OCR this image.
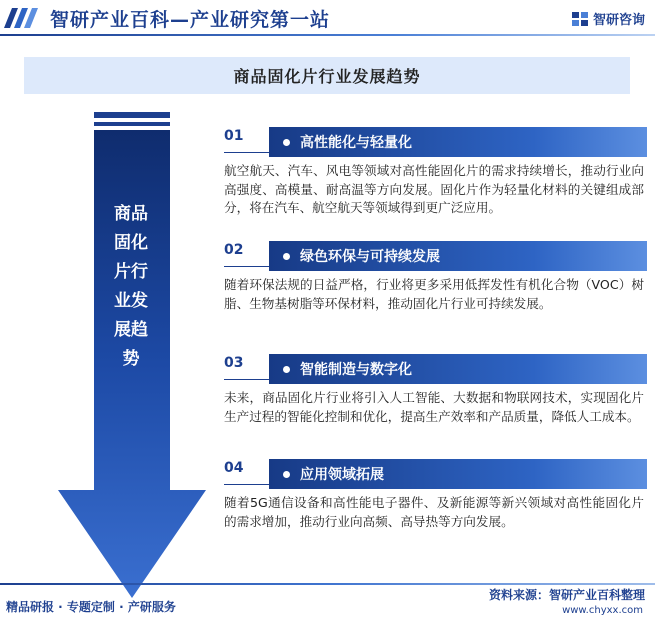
智研产业百科—产业研究第一站	智研咨询
商品固化片行业发展趋势
商品
固化
片行
业发
展趋
势
01	高性能化与轻量化
航空航天、汽车、风电等领域对高性能固化片的需求持续增长，推动行业向高强度、高模量、耐高温等方向发展。固化片作为轻量化材料的关键组成部分，将在汽车、航空航天等领域得到更广泛应用。
02	绿色环保与可持续发展
随着环保法规的日益严格，行业将更多采用低挥发性有机化合物（VOC）树脂、生物基树脂等环保材料，推动固化片行业可持续发展。
03	智能制造与数字化
未来，商品固化片行业将引入人工智能、大数据和物联网技术，实现固化片生产过程的智能化控制和优化，提高生产效率和产品质量，降低人工成本。
04	应用领域拓展
随着5G通信设备和高性能电子器件、及新能源等新兴领域对高性能固化片的需求增加，推动行业向高频、高导热等方向发展。
精品研报 · 专题定制 · 产研服务
资料来源：智研产业百科整理
www.chyxx.com
